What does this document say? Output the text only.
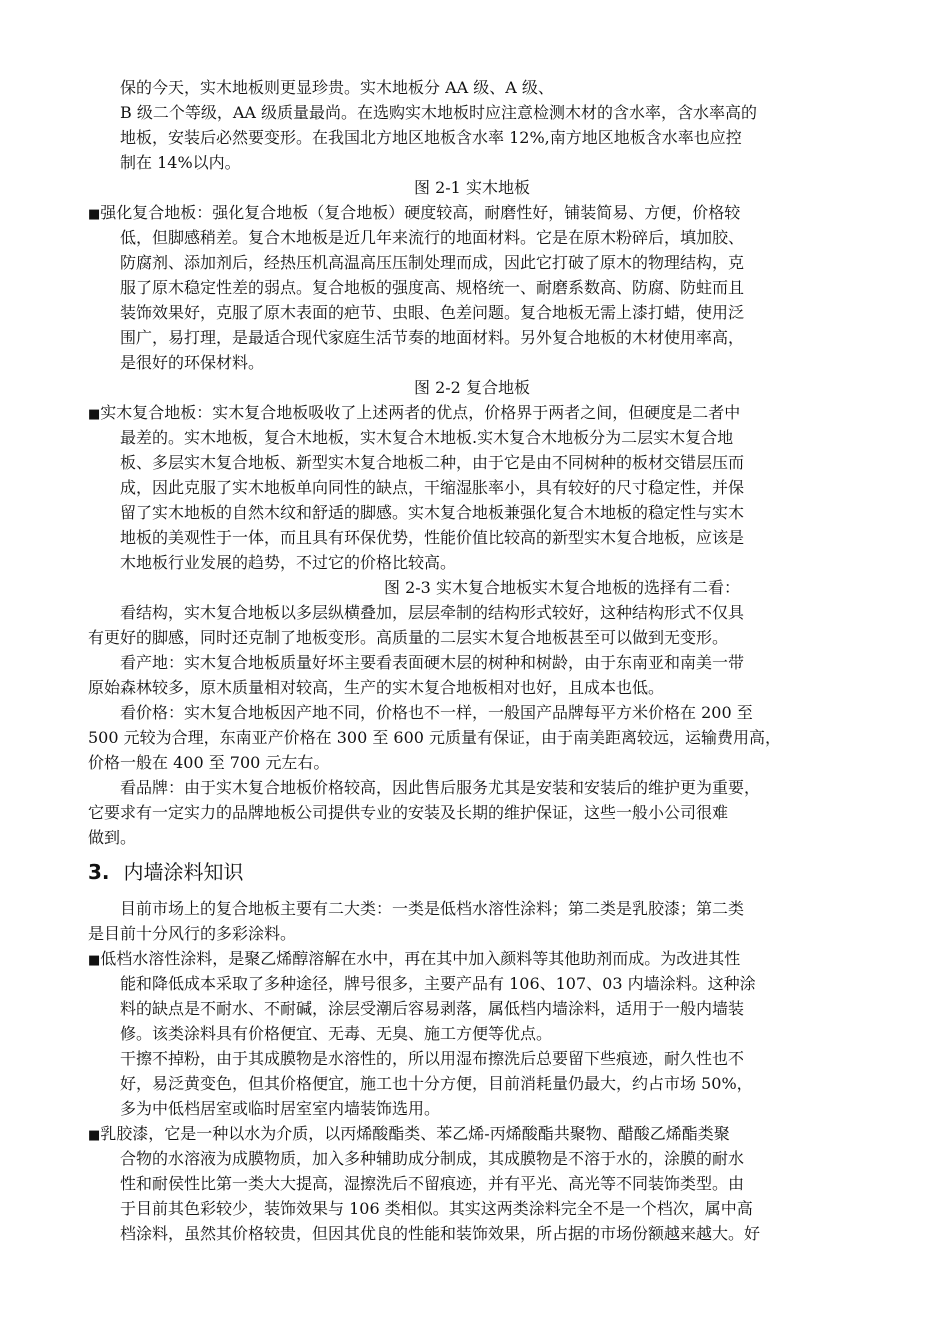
保的今天，实木地板则更显珍贵。实木地板分 AA 级、A 级、
B 级二个等级，AA 级质量最尚。在选购实木地板时应注意检测木材的含水率，含水率高的
地板，安装后必然要变形。在我国北方地区地板含水率 12%,南方地区地板含水率也应控
制在 14%以内。
图 2-1 实木地板
■强化复合地板：强化复合地板（复合地板）硬度较高，耐磨性好，铺装简易、方便，价格较
低，但脚感稍差。复合木地板是近几年来流行的地面材料。它是在原木粉碎后，填加胶、
防腐剂、添加剂后，经热压机高温高压压制处理而成，因此它打破了原木的物理结构，克
服了原木稳定性差的弱点。复合地板的强度高、规格统一、耐磨系数高、防腐、防蛀而且
装饰效果好，克服了原木表面的疤节、虫眼、色差问题。复合地板无需上漆打蜡，使用泛
围广，易打理，是最适合现代家庭生活节奏的地面材料。另外复合地板的木材使用率高，
是很好的环保材料。
图 2-2 复合地板
■实木复合地板：实木复合地板吸收了上述两者的优点，价格界于两者之间，但硬度是二者中
最差的。实木地板，复合木地板，实木复合木地板.实木复合木地板分为二层实木复合地
板、多层实木复合地板、新型实木复合地板二种，由于它是由不同树种的板材交错层压而
成，因此克服了实木地板单向同性的缺点，干缩湿胀率小，具有较好的尺寸稳定性，并保
留了实木地板的自然木纹和舒适的脚感。实木复合地板兼强化复合木地板的稳定性与实木
地板的美观性于一体，而且具有环保优势，性能价值比较高的新型实木复合地板，应该是
木地板行业发展的趋势，不过它的价格比较高。
图 2-3 实木复合地板实木复合地板的选择有二看：
看结构，实木复合地板以多层纵横叠加，层层牵制的结构形式较好，这种结构形式不仅具
有更好的脚感，同时还克制了地板变形。高质量的二层实木复合地板甚至可以做到无变形。
看产地：实木复合地板质量好坏主要看表面硬木层的树种和树龄，由于东南亚和南美一带
原始森林较多，原木质量相对较高，生产的实木复合地板相对也好，且成本也低。
看价格：实木复合地板因产地不同，价格也不一样，一般国产品牌每平方米价格在 200 至
500 元较为合理，东南亚产价格在 300 至 600 元质量有保证，由于南美距离较远，运输费用高，
价格一般在 400 至 700 元左右。
看品牌：由于实木复合地板价格较高，因此售后服务尤其是安装和安装后的维护更为重要，
它要求有一定实力的品牌地板公司提供专业的安装及长期的维护保证，这些一般小公司很难
做到。
3. 内墙涂料知识
目前市场上的复合地板主要有二大类：一类是低档水溶性涂料；第二类是乳胶漆；第二类
是目前十分风行的多彩涂料。
■低档水溶性涂料，是聚乙烯醇溶解在水中，再在其中加入颜料等其他助剂而成。为改进其性
能和降低成本采取了多种途径，牌号很多，主要产品有 106、107、03 内墙涂料。这种涂
料的缺点是不耐水、不耐碱，涂层受潮后容易剥落，属低档内墙涂料，适用于一般内墙装
修。该类涂料具有价格便宜、无毒、无臭、施工方便等优点。
干擦不掉粉，由于其成膜物是水溶性的，所以用湿布擦洗后总要留下些痕迹，耐久性也不
好，易泛黄变色，但其价格便宜，施工也十分方便，目前消耗量仍最大，约占市场 50%，
多为中低档居室或临时居室室内墙装饰选用。
■乳胶漆，它是一种以水为介质，以丙烯酸酯类、苯乙烯-丙烯酸酯共聚物、醋酸乙烯酯类聚
合物的水溶液为成膜物质，加入多种辅助成分制成，其成膜物是不溶于水的，涂膜的耐水
性和耐侯性比第一类大大提高，湿擦洗后不留痕迹，并有平光、高光等不同装饰类型。由
于目前其色彩较少，装饰效果与 106 类相似。其实这两类涂料完全不是一个档次，属中高
档涂料，虽然其价格较贵，但因其优良的性能和装饰效果，所占据的市场份额越来越大。好
